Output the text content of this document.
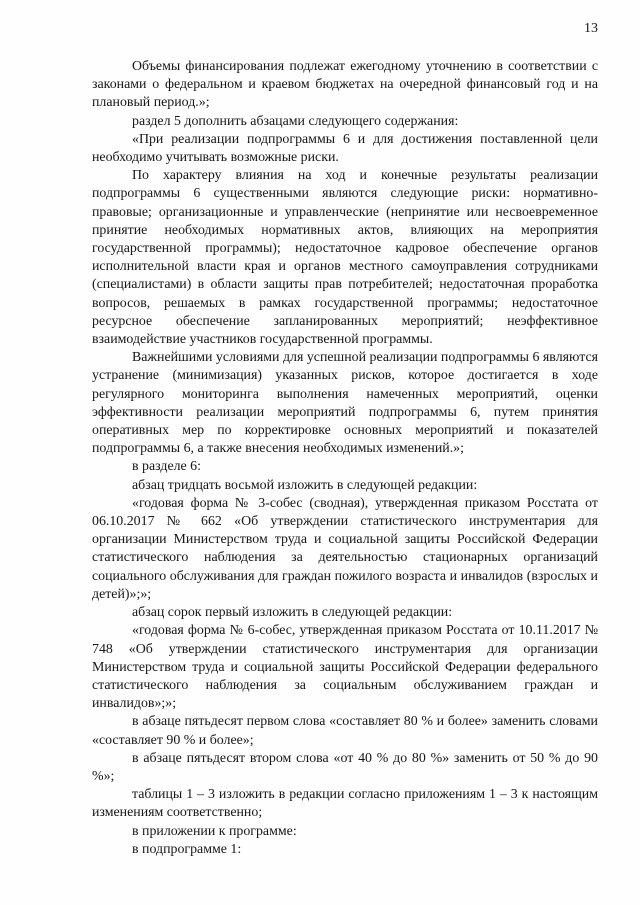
13

Объемы финансирования подлежат ежегодному уточнению в соответствии с законами о федеральном и краевом бюджетах на очередной финансовый год и на плановый период.»;

раздел 5 дополнить абзацами следующего содержания:

«При реализации подпрограммы 6 и для достижения поставленной цели необходимо учитывать возможные риски.

По характеру влияния на ход и конечные результаты реализации подпрограммы 6 существенными являются следующие риски: нормативно-правовые; организационные и управленческие (непринятие или несвоевременное принятие необходимых нормативных актов, влияющих на мероприятия государственной программы); недостаточное кадровое обеспечение органов исполнительной власти края и органов местного самоуправления сотрудниками (специалистами) в области защиты прав потребителей; недостаточная проработка вопросов, решаемых в рамках государственной программы; недостаточное ресурсное обеспечение запланированных мероприятий; неэффективное взаимодействие участников государственной программы.

Важнейшими условиями для успешной реализации подпрограммы 6 являются устранение (минимизация) указанных рисков, которое достигается в ходе регулярного мониторинга выполнения намеченных мероприятий, оценки эффективности реализации мероприятий подпрограммы 6, путем принятия оперативных мер по корректировке основных мероприятий и показателей подпрограммы 6, а также внесения необходимых изменений.»;

в разделе 6:

абзац тридцать восьмой изложить в следующей редакции:

«годовая форма № 3-собес (сводная), утвержденная приказом Росстата от 06.10.2017 № 662 «Об утверждении статистического инструментария для организации Министерством труда и социальной защиты Российской Федерации статистического наблюдения за деятельностью стационарных организаций социального обслуживания для граждан пожилого возраста и инвалидов (взрослых и детей)»;»;

абзац сорок первый изложить в следующей редакции:

«годовая форма № 6-собес, утвержденная приказом Росстата от 10.11.2017 № 748 «Об утверждении статистического инструментария для организации Министерством труда и социальной защиты Российской Федерации федерального статистического наблюдения за социальным обслуживанием граждан и инвалидов»;»;

в абзаце пятьдесят первом слова «составляет 80 % и более» заменить словами «составляет 90 % и более»;

в абзаце пятьдесят втором слова «от 40 % до 80 %» заменить от 50 % до 90 %»;

таблицы 1 – 3 изложить в редакции согласно приложениям 1 – 3 к настоящим изменениям соответственно;

в приложении к программе:

в подпрограмме 1:
